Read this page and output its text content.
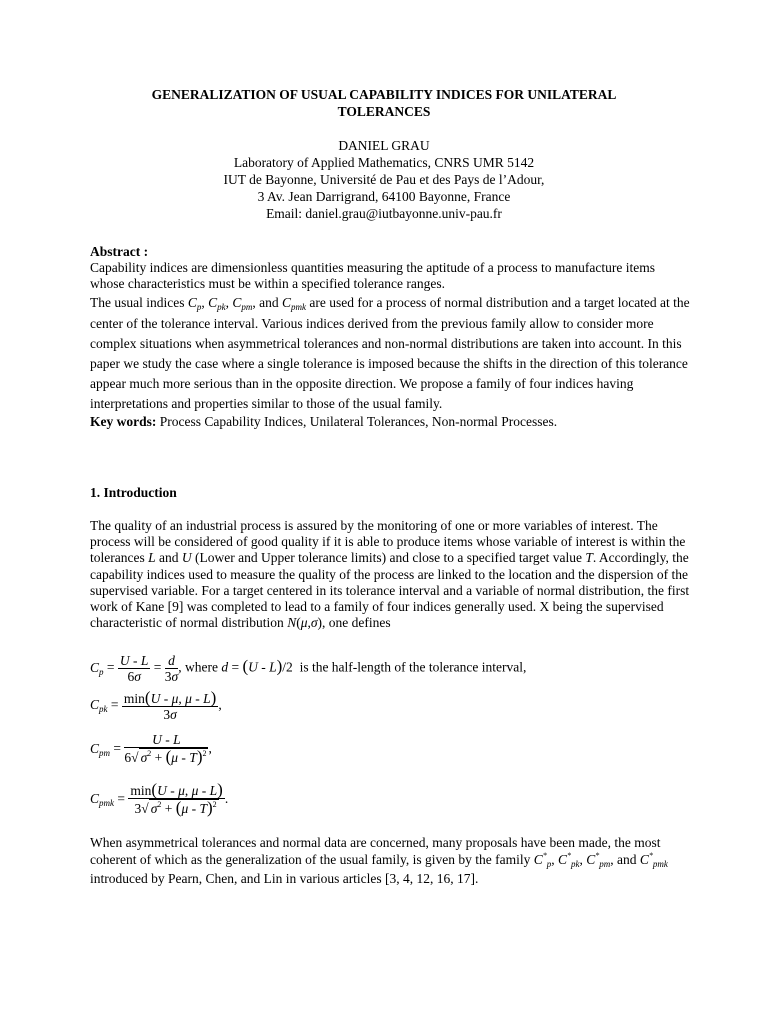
GENERALIZATION OF USUAL CAPABILITY INDICES FOR UNILATERAL
TOLERANCES
DANIEL GRAU
Laboratory of Applied Mathematics, CNRS UMR 5142
IUT de Bayonne, Université de Pau et des Pays de l’Adour,
3 Av. Jean Darrigrand, 64100 Bayonne, France
Email: daniel.grau@iutbayonne.univ-pau.fr

Abstract :

Capability indices are dimensionless quantities measuring the aptitude of a process to manufacture items whose characteristics must be within a specified tolerance ranges.

The usual indices $C_p$, $C_{pk}$, $C_{pm}$, and $C_{pmk}$ are used for a process of normal distribution and a target located at the center of the tolerance interval. Various indices derived from the previous family allow to consider more complex situations when asymmetrical tolerances and non-normal distributions are taken into account. In this paper we study the case where a single tolerance is imposed because the shifts in the direction of this tolerance appear much more serious than in the opposite direction. We propose a family of four indices having interpretations and properties similar to those of the usual family.

Key words: Process Capability Indices, Unilateral Tolerances, Non-normal Processes.

1. Introduction

The quality of an industrial process is assured by the monitoring of one or more variables of interest. The process will be considered of good quality if it is able to produce items whose variable of interest is within the tolerances L and U (Lower and Upper tolerance limits) and close to a specified target value T. Accordingly, the capability indices used to measure the quality of the process are linked to the location and the dispersion of the supervised variable. For a target centered in its tolerance interval and a variable of normal distribution, the first work of Kane [9] was completed to lead to a family of four indices generally used. X being the supervised characteristic of normal distribution N(μ,σ), one defines

$C_p = \frac{U - L}{6\sigma} = \frac{d}{3\sigma}$ , where d = (U - L)/2  is the half-length of the tolerance interval,
$C_{pk} = \frac{\min(U - \mu, \mu - L)}{3\sigma}$ ,
$C_{pm} = \frac{U - L}{6√ \sigma^2 + (\mu - T)^2}$ ,
$C_{pmk} = \frac{\min(U - \mu, \mu - L)}{3√ \sigma^2 + (\mu - T)^2}$ .

When asymmetrical tolerances and normal data are concerned, many proposals have been made, the most coherent of which as the generalization of the usual family, is given by the family $C^*_p$, $C^*_{pk}$, $C^*_{pm}$, and $C^*_{pmk}$ introduced by Pearn, Chen, and Lin in various articles [3, 4, 12, 16, 17].
